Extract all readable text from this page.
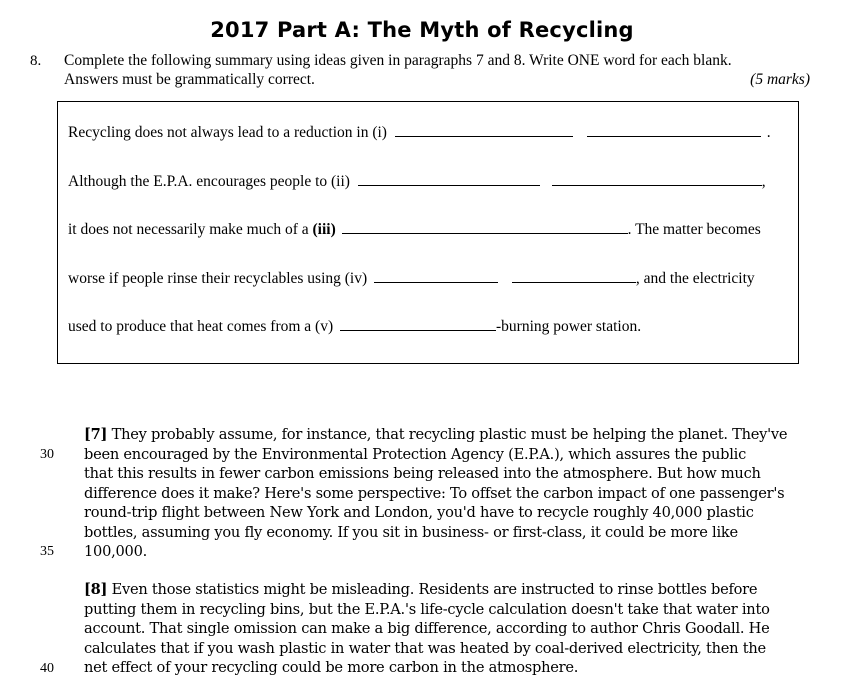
2017 Part A: The Myth of Recycling
8. Complete the following summary using ideas given in paragraphs 7 and 8. Write ONE word for each blank.
Answers must be grammatically correct.	(5 marks)
Recycling does not always lead to a reduction in (i)	.
Although the E.P.A. encourages people to (ii)	,
it does not necessarily make much of a (iii)	. The matter becomes
worse if people rinse their recyclables using (iv)	, and the electricity
used to produce that heat comes from a (v)	-burning power station.
[7] They probably assume, for instance, that recycling plastic must be helping the planet. They've
been encouraged by the Environmental Protection Agency (E.P.A.), which assures the public
that this results in fewer carbon emissions being released into the atmosphere. But how much
difference does it make? Here's some perspective: To offset the carbon impact of one passenger's
round-trip flight between New York and London, you'd have to recycle roughly 40,000 plastic
bottles, assuming you fly economy. If you sit in business- or first-class, it could be more like
100,000.
[8] Even those statistics might be misleading. Residents are instructed to rinse bottles before
putting them in recycling bins, but the E.P.A.'s life-cycle calculation doesn't take that water into
account. That single omission can make a big difference, according to author Chris Goodall. He
calculates that if you wash plastic in water that was heated by coal-derived electricity, then the
net effect of your recycling could be more carbon in the atmosphere.
30
35
40
